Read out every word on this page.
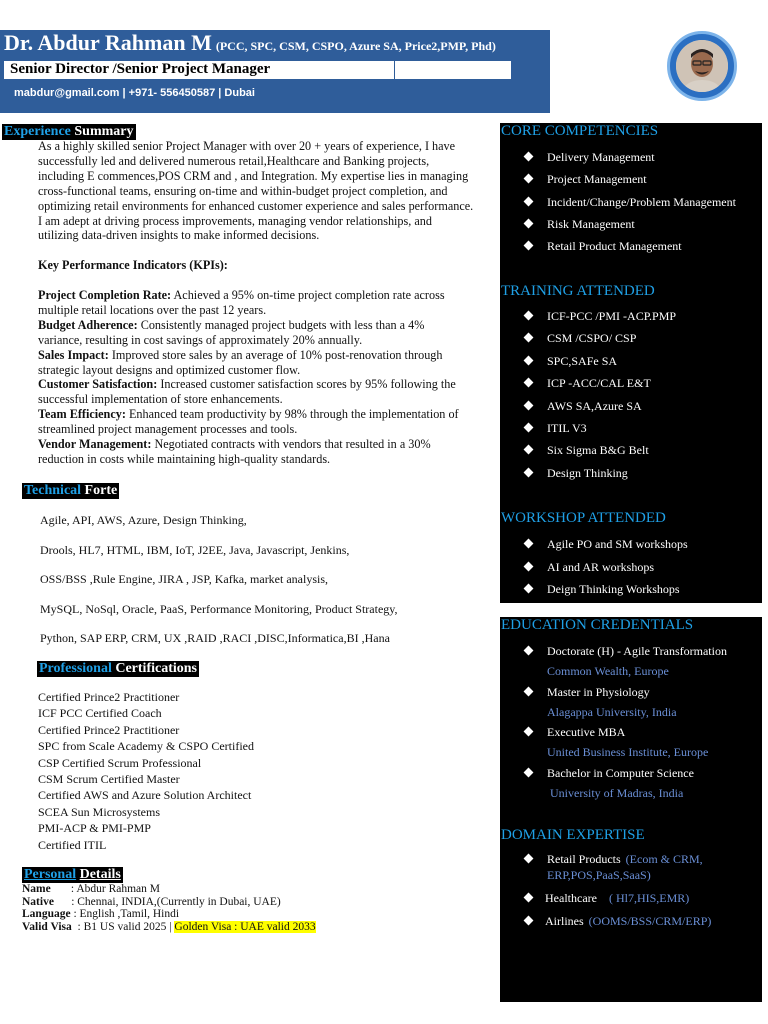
Dr. Abdur Rahman M (PCC, SPC, CSM, CSPO, Azure SA, Price2,PMP, Phd)
Senior Director /Senior Project Manager
mabdur@gmail.com | +971- 556450587 | Dubai
Experience Summary
As a highly skilled senior Project Manager with over 20 + years of experience, I have
successfully led and delivered numerous retail,Healthcare and Banking projects,
including E commences,POS CRM and , and Integration. My expertise lies in managing
cross-functional teams, ensuring on-time and within-budget project completion, and
optimizing retail environments for enhanced customer experience and sales performance.
I am adept at driving process improvements, managing vendor relationships, and
utilizing data-driven insights to make informed decisions.
Key Performance Indicators (KPIs):
Project Completion Rate: Achieved a 95% on-time project completion rate across
multiple retail locations over the past 12 years.
Budget Adherence: Consistently managed project budgets with less than a 4%
variance, resulting in cost savings of approximately 20% annually.
Sales Impact: Improved store sales by an average of 10% post-renovation through
strategic layout designs and optimized customer flow.
Customer Satisfaction: Increased customer satisfaction scores by 95% following the
successful implementation of store enhancements.
Team Efficiency: Enhanced team productivity by 98% through the implementation of
streamlined project management processes and tools.
Vendor Management: Negotiated contracts with vendors that resulted in a 30%
reduction in costs while maintaining high-quality standards.
Technical Forte
Agile, API, AWS, Azure, Design Thinking,
Drools, HL7, HTML, IBM, IoT, J2EE, Java, Javascript, Jenkins,
OSS/BSS ,Rule Engine, JIRA , JSP, Kafka, market analysis,
MySQL, NoSql, Oracle, PaaS, Performance Monitoring, Product Strategy,
Python, SAP ERP, CRM, UX ,RAID ,RACI ,DISC,Informatica,BI ,Hana
Professional Certifications
Certified Prince2 Practitioner
ICF PCC Certified Coach
Certified Prince2 Practitioner
SPC from Scale Academy & CSPO Certified
CSP Certified Scrum Professional
CSM Scrum Certified Master
Certified AWS and Azure Solution Architect
SCEA Sun Microsystems
PMI-ACP & PMI-PMP
Certified ITIL
Personal Details
Name       : Abdur Rahman M
Native      : Chennai, INDIA,(Currently in Dubai, UAE)
Language : English ,Tamil, Hindi
Valid Visa  : B1 US valid 2025 | Golden Visa : UAE valid 2033
CORE COMPETENCIES
Delivery Management
Project Management
Incident/Change/Problem Management
Risk Management
Retail Product Management
TRAINING ATTENDED
ICF-PCC /PMI -ACP.PMP
CSM /CSPO/ CSP
SPC,SAFe SA
ICP -ACC/CAL E&T
AWS SA,Azure SA
ITIL V3
Six Sigma B&G Belt
Design Thinking
WORKSHOP ATTENDED
Agile PO and SM workshops
AI and AR workshops
Deign Thinking Workshops
EDUCATION CREDENTIALS
Doctorate (H) - Agile Transformation
Common Wealth, Europe
Master in Physiology
Alagappa University, India
Executive MBA
United Business Institute, Europe
Bachelor in Computer Science
University of Madras, India
DOMAIN EXPERTISE
Retail Products (Ecom & CRM,
ERP,POS,PaaS,SaaS)
Healthcare ( Hl7,HIS,EMR)
Airlines (OOMS/BSS/CRM/ERP)
